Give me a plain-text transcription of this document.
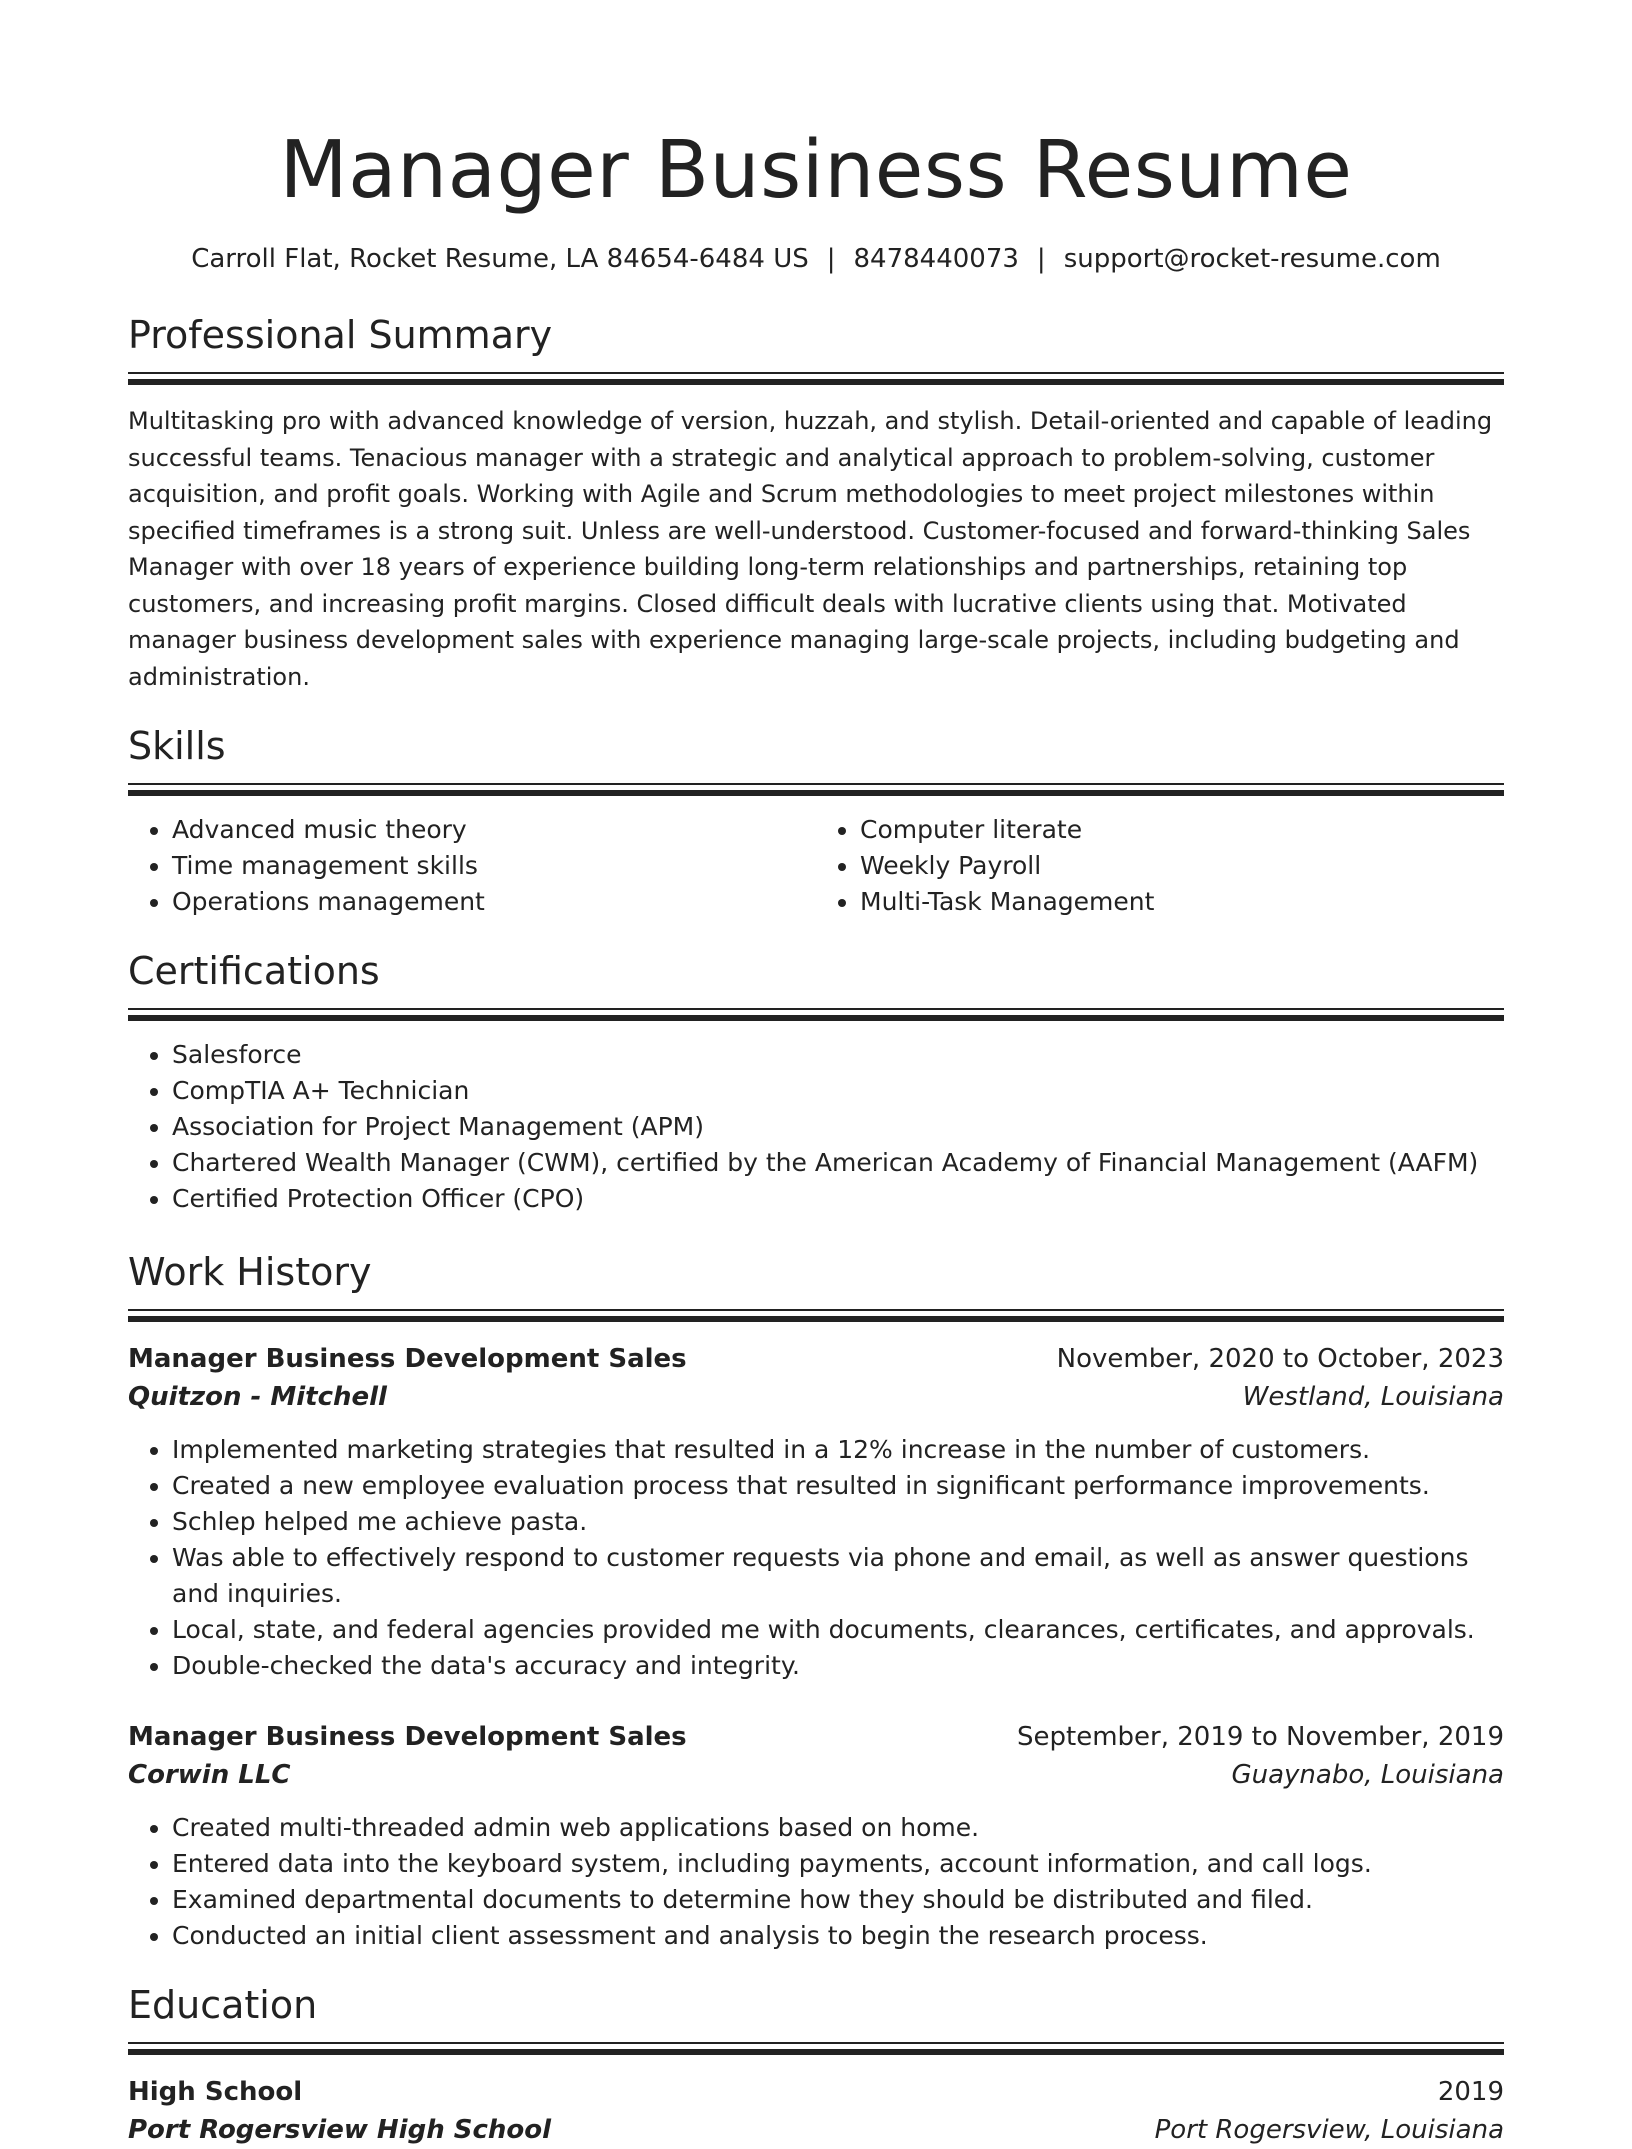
Manager Business Resume
Carroll Flat, Rocket Resume, LA 84654-6484 US | 8478440073 | support@rocket-resume.com
Professional Summary

Multitasking pro with advanced knowledge of version, huzzah, and stylish. Detail-oriented and capable of leading successful teams. Tenacious manager with a strategic and analytical approach to problem-solving, customer acquisition, and profit goals. Working with Agile and Scrum methodologies to meet project milestones within specified timeframes is a strong suit. Unless are well-understood. Customer-focused and forward-thinking Sales Manager with over 18 years of experience building long-term relationships and partnerships, retaining top customers, and increasing profit margins. Closed difficult deals with lucrative clients using that. Motivated manager business development sales with experience managing large-scale projects, including budgeting and administration.

Skills
• Advanced music theory
• Time management skills
• Operations management
• Computer literate
• Weekly Payroll
• Multi-Task Management
Certifications
• Salesforce
• CompTIA A+ Technician
• Association for Project Management (APM)
• Chartered Wealth Manager (CWM), certified by the American Academy of Financial Management (AAFM)
• Certified Protection Officer (CPO)
Work History
Manager Business Development Sales	November, 2020 to October, 2023
Quitzon - Mitchell	Westland, Louisiana
• Implemented marketing strategies that resulted in a 12% increase in the number of customers.
• Created a new employee evaluation process that resulted in significant performance improvements.
• Schlep helped me achieve pasta.
• Was able to effectively respond to customer requests via phone and email, as well as answer questions and inquiries.
• Local, state, and federal agencies provided me with documents, clearances, certificates, and approvals.
• Double-checked the data's accuracy and integrity.
Manager Business Development Sales	September, 2019 to November, 2019
Corwin LLC	Guaynabo, Louisiana
• Created multi-threaded admin web applications based on home.
• Entered data into the keyboard system, including payments, account information, and call logs.
• Examined departmental documents to determine how they should be distributed and filed.
• Conducted an initial client assessment and analysis to begin the research process.
Education
High School	2019
Port Rogersview High School	Port Rogersview, Louisiana
